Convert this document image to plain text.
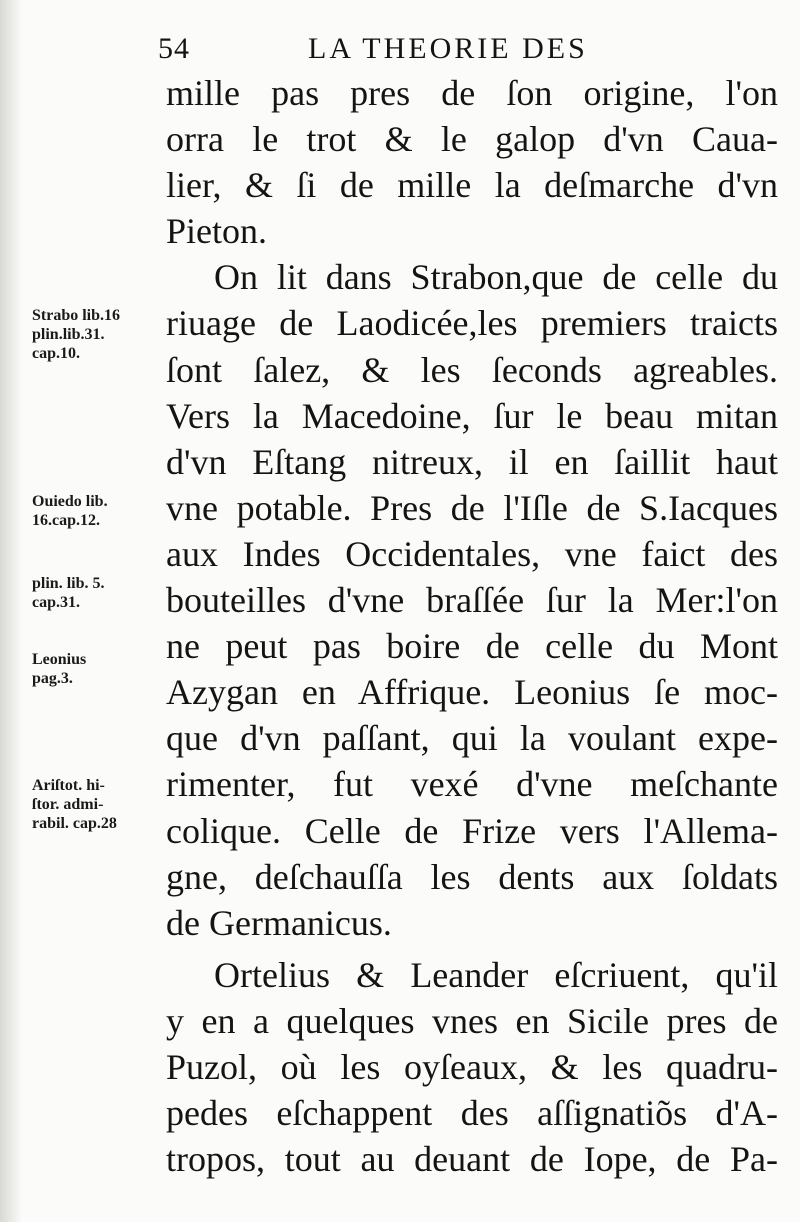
54	LA THEORIE DES
mille pas pres de ſon origine, l'on
orra le trot & le galop d'vn Caua-
lier, & ſi de mille la deſmarche d'vn
Pieton.
On lit dans Strabon,que de celle du
riuage de Laodicée,les premiers traicts
ſont ſalez, & les ſeconds agreables.
Vers la Macedoine, ſur le beau mitan
d'vn Eſtang nitreux, il en ſaillit haut
vne potable. Pres de l'Iſle de S.Iacques
aux Indes Occidentales, vne faict des
bouteilles d'vne braſſée ſur la Mer:l'on
ne peut pas boire de celle du Mont
Azygan en Affrique. Leonius ſe moc-
que d'vn paſſant, qui la voulant expe-
rimenter, fut vexé d'vne meſchante
colique. Celle de Frize vers l'Allema-
gne, deſchauſſa les dents aux ſoldats
de Germanicus.
Ortelius & Leander eſcriuent, qu'il
y en a quelques vnes en Sicile pres de
Puzol, où les oyſeaux, & les quadru-
pedes eſchappent des aſſignatiõs d'A-
tropos, tout au deuant de Iope, de Pa-
Strabo lib.16
plin.lib.31.
cap.10.
Ouiedo lib.
16.cap.12.
plin. lib. 5.
cap.31.
Leonius
pag.3.
Ariſtot. hi-
ſtor. admi-
rabil. cap.28
